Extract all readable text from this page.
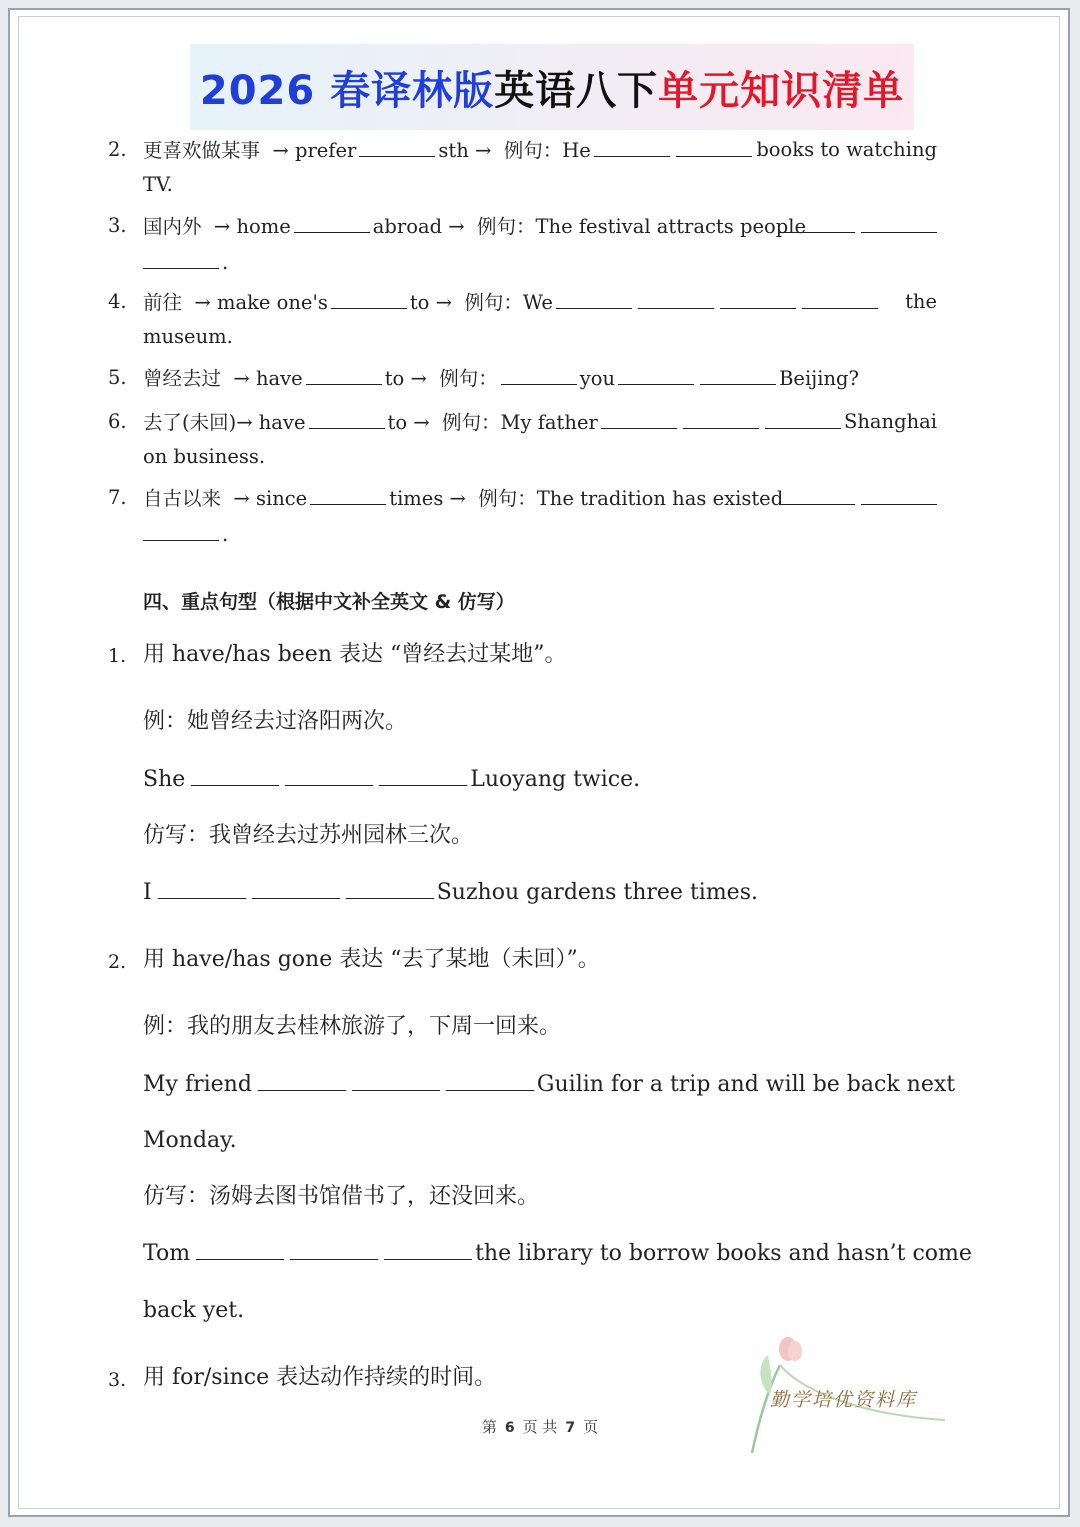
2026 春译林版 英语八下 单元知识清单
2. 更喜欢做某事 → prefer	sth → 例句：He	books to watching
TV.
3. 国内外 → home	abroad → 例句：The festival attracts people
.
4. 前往 → make one's	to → 例句：We	the
museum.
5. 曾经去过 → have	to → 例句：	you	Beijing?
6. 去了(未回)→ have	to → 例句：My father	Shanghai
on business.
7. 自古以来 → since	times → 例句：The tradition has existed
.
四、重点句型（根据中文补全英文 & 仿写）
1. 用 have/has been 表达 “曾经去过某地”。
例：她曾经去过洛阳两次。
She	Luoyang twice.
仿写：我曾经去过苏州园林三次。
I	Suzhou gardens three times.
2. 用 have/has gone 表达 “去了某地（未回）”。
例：我的朋友去桂林旅游了，下周一回来。
My friend	Guilin for a trip and will be back next
Monday.
仿写：汤姆去图书馆借书了，还没回来。
Tom	the library to borrow books and hasn’t come
back yet.
3. 用 for/since 表达动作持续的时间。
勤学培优资料库
第 6 页 共 7 页
